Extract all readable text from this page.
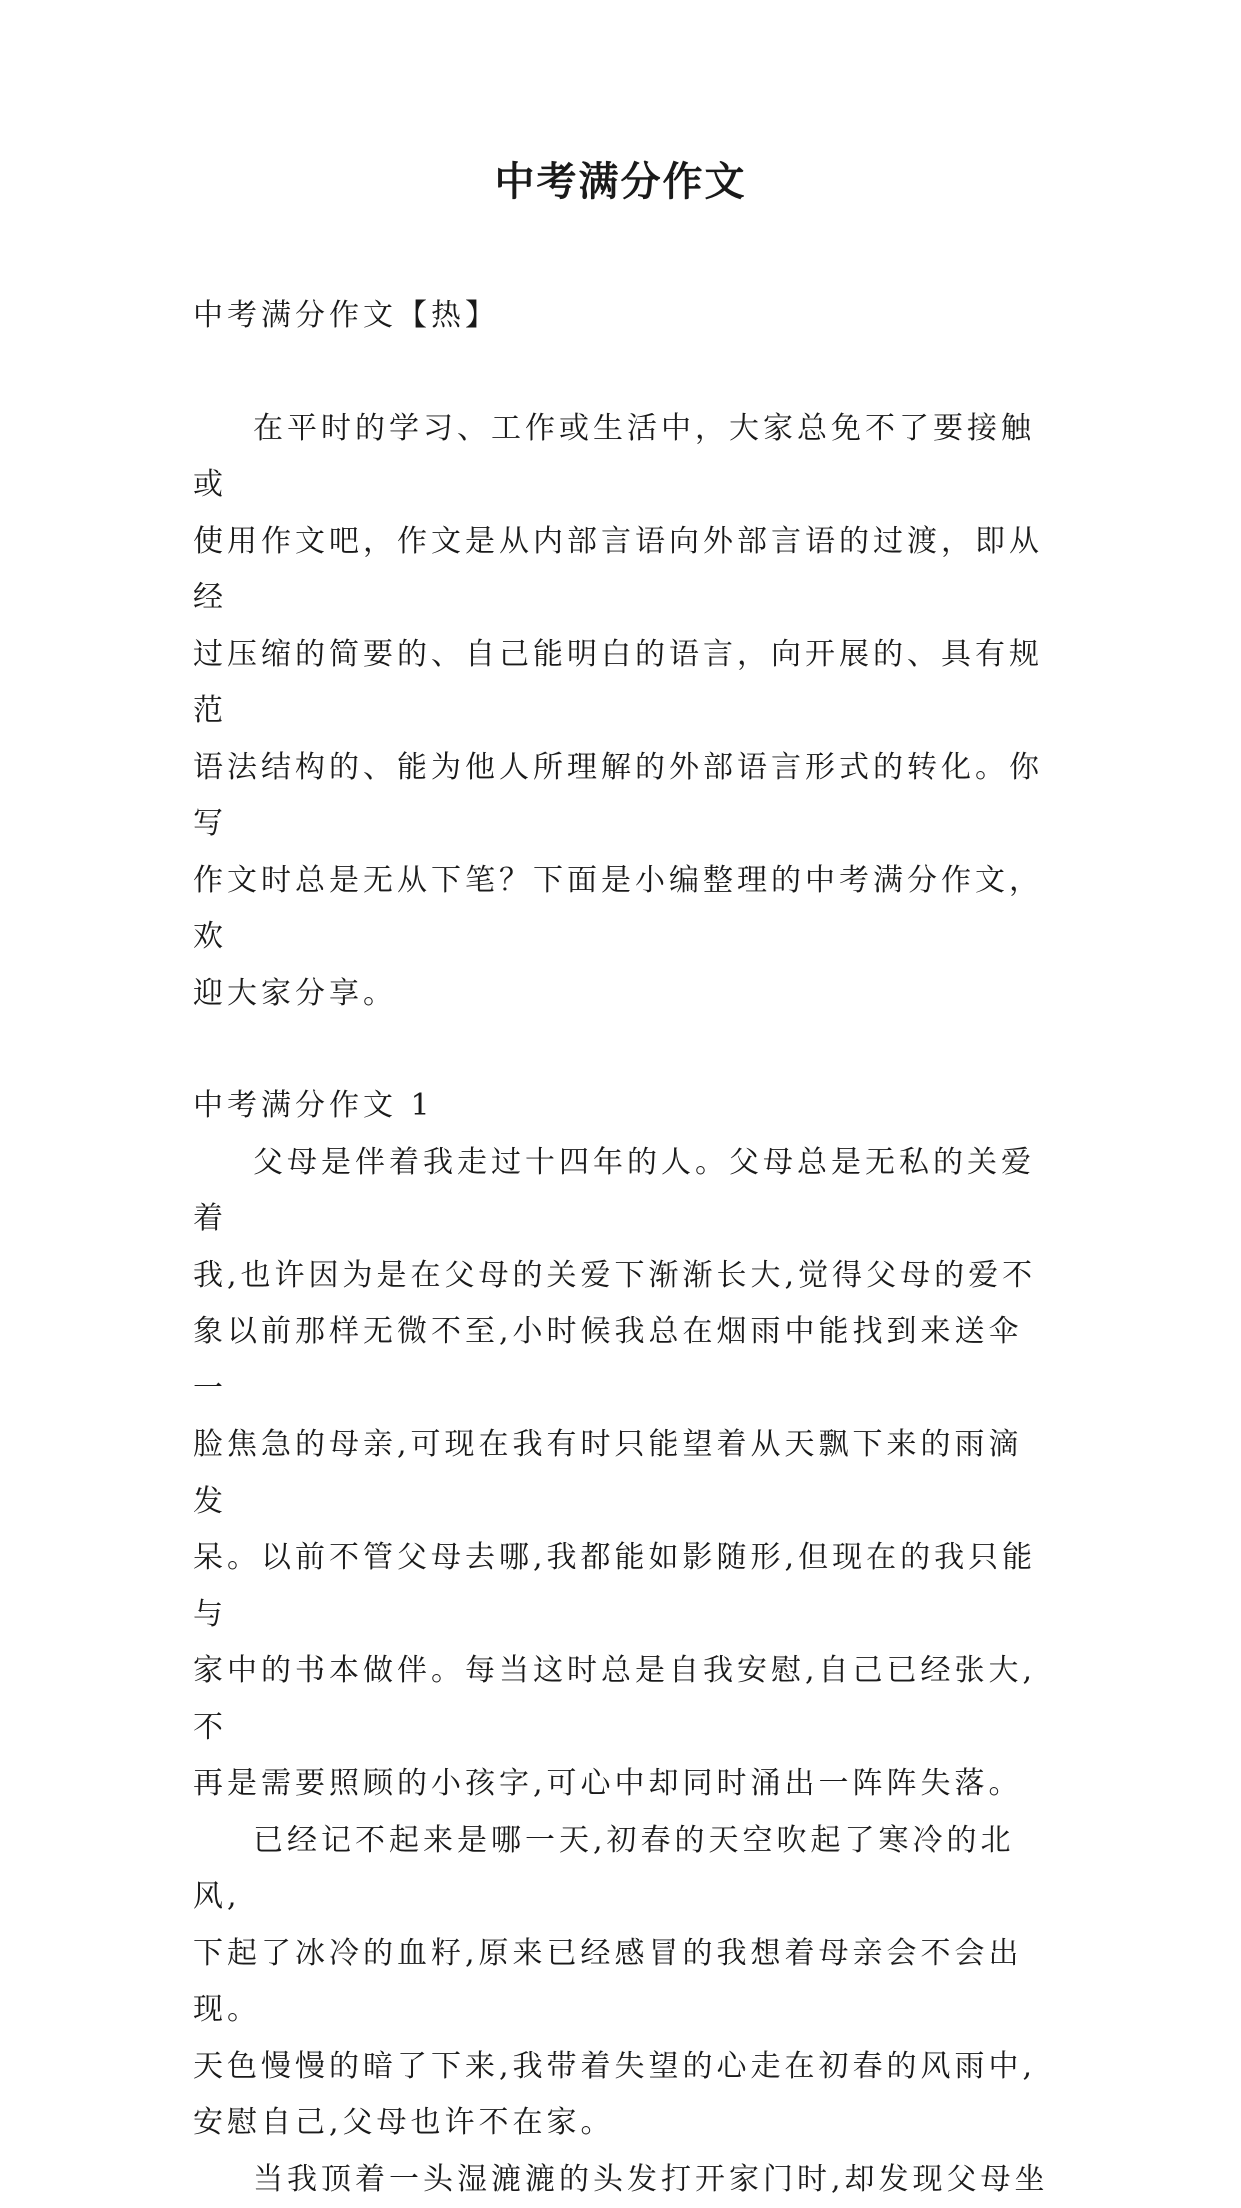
中考满分作文

中考满分作文【热】

在平时的学习、工作或生活中，大家总免不了要接触或
使用作文吧，作文是从内部言语向外部言语的过渡，即从经
过压缩的简要的、自己能明白的语言，向开展的、具有规范
语法结构的、能为他人所理解的外部语言形式的转化。你写
作文时总是无从下笔？下面是小编整理的中考满分作文，欢
迎大家分享。

中考满分作文 1

父母是伴着我走过十四年的人。父母总是无私的关爱着
我,也许因为是在父母的关爱下渐渐长大,觉得父母的爱不
象以前那样无微不至,小时候我总在烟雨中能找到来送伞一
脸焦急的母亲,可现在我有时只能望着从天飘下来的雨滴发
呆。以前不管父母去哪,我都能如影随形,但现在的我只能与
家中的书本做伴。每当这时总是自我安慰,自己已经张大,不
再是需要照顾的小孩字,可心中却同时涌出一阵阵失落。

已经记不起来是哪一天,初春的天空吹起了寒冷的北风,
下起了冰冷的血籽,原来已经感冒的我想着母亲会不会出现。
天色慢慢的暗了下来,我带着失望的心走在初春的风雨中,
安慰自己,父母也许不在家。

当我顶着一头湿漉漉的头发打开家门时,却发现父母坐
